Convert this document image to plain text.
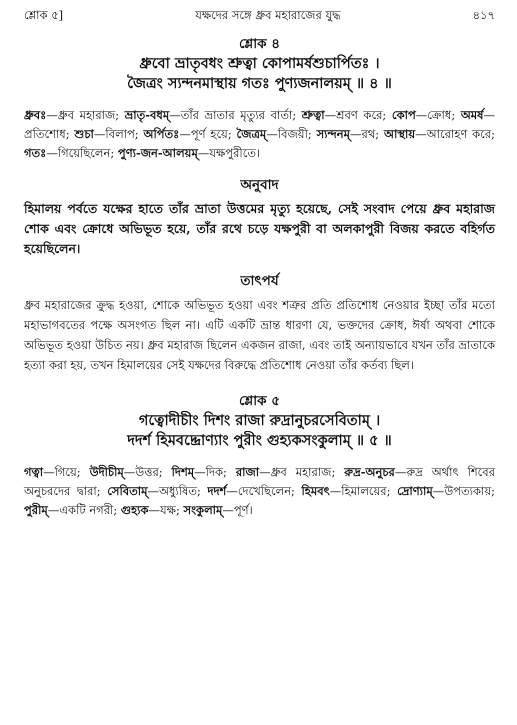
শ্লোক ৫]	যক্ষদের সঙ্গে ধ্রুব মহারাজের যুদ্ধ	৪১৭

শ্লোক ৪

ধ্রুবো ভ্রাতৃবধং শ্রুত্বা কোপামর্ষশুচার্পিতঃ ।

জৈত্রং স্যন্দনমাস্থায় গতঃ পুণ্যজনালয়ম্‌ ॥ ৪ ॥

ধ্রুবঃ—ধ্রুব মহারাজ; ভ্রাতৃ-বধম্‌—তাঁর ভ্রাতার মৃত্যুর বার্তা; শ্রুত্বা—শ্রবণ করে; কোপ—ক্রোধ; অমর্ষ—প্রতিশোধ; শুচা—বিলাপ; অর্পিতঃ—পূর্ণ হয়ে; জৈত্রম্‌—বিজয়ী; স্যন্দনম্‌—রথ; আস্থায়—আরোহণ করে; গতঃ—গিয়েছিলেন; পুণ্য-জন-আলয়ম্‌—যক্ষপুরীতে।

অনুবাদ

হিমালয় পর্বতে যক্ষের হাতে তাঁর ভ্রাতা উত্তমের মৃত্যু হয়েছে, সেই সংবাদ পেয়ে ধ্রুব মহারাজ শোক এবং ক্রোধে অভিভূত হয়ে, তাঁর রথে চড়ে যক্ষপুরী বা অলকাপুরী বিজয় করতে বহির্গত হয়েছিলেন।

তাৎপর্য

ধ্রুব মহারাজের ক্রুদ্ধ হওয়া, শোকে অভিভূত হওয়া এবং শত্রুর প্রতি প্রতিশোধ নেওয়ার ইচ্ছা তাঁর মতো মহাভাগবতের পক্ষে অসংগত ছিল না। এটি একটি ভ্রান্ত ধারণা যে, ভক্তদের ক্রোধ, ঈর্ষা অথবা শোকে অভিভূত হওয়া উচিত নয়। ধ্রুব মহারাজ ছিলেন একজন রাজা, এবং তাই অন্যায়ভাবে যখন তাঁর ভ্রাতাকে হত্যা করা হয়, তখন হিমালয়ের সেই যক্ষদের বিরুদ্ধে প্রতিশোধ নেওয়া তাঁর কর্তব্য ছিল।

শ্লোক ৫

গত্বোদীচীং দিশং রাজা রুদ্রানুচরসেবিতাম্‌ ।

দদর্শ হিমবদ্দ্রোণ্যাং পুরীং গুহ্যকসংকুলাম্‌ ॥ ৫ ॥

গত্বা—গিয়ে; উদীচীম্‌—উত্তর; দিশম্‌—দিক; রাজা—ধ্রুব মহারাজ; রুদ্র-অনুচর—রুদ্র অর্থাৎ শিবের অনুচরদের দ্বারা; সেবিতাম্‌—অধ্যুষিত; দদর্শ—দেখেছিলেন; হিমবৎ—হিমালয়ের; দ্রোণ্যাম্‌—উপত্যকায়; পুরীম্‌—একটি নগরী; গুহ্যক—যক্ষ; সংকুলাম্‌—পূর্ণ।
